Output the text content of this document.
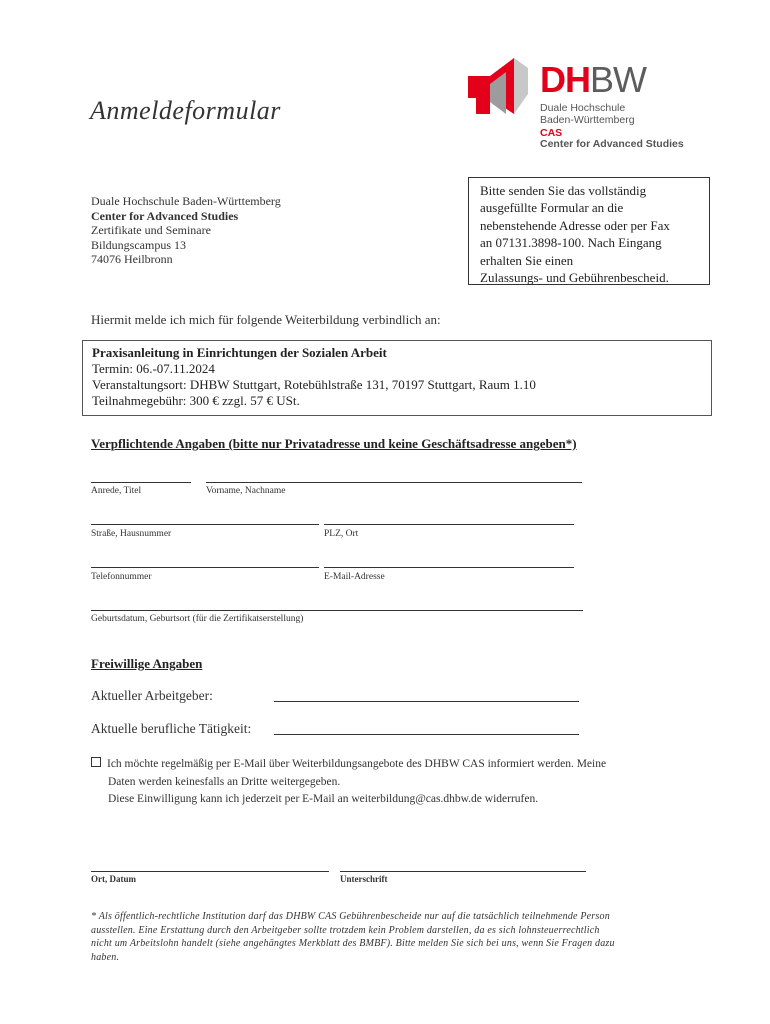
Anmeldeformular
DHBW
Duale Hochschule
Baden-Württemberg
CAS
Center for Advanced Studies
Duale Hochschule Baden-Württemberg
Center for Advanced Studies
Zertifikate und Seminare
Bildungscampus 13
74076 Heilbronn
Bitte senden Sie das vollständig
ausgefüllte Formular an die
nebenstehende Adresse oder per Fax
an 07131.3898-100. Nach Eingang
erhalten Sie einen
Zulassungs- und Gebührenbescheid.
Hiermit melde ich mich für folgende Weiterbildung verbindlich an:
Praxisanleitung in Einrichtungen der Sozialen Arbeit
Termin: 06.-07.11.2024
Veranstaltungsort: DHBW Stuttgart, Rotebühlstraße 131, 70197 Stuttgart, Raum 1.10
Teilnahmegebühr: 300 € zzgl. 57 € USt.
Verpflichtende Angaben (bitte nur Privatadresse und keine Geschäftsadresse angeben*)
Anrede, Titel	Vorname, Nachname
Straße, Hausnummer	PLZ, Ort
Telefonnummer	E-Mail-Adresse
Geburtsdatum, Geburtsort (für die Zertifikatserstellung)
Freiwillige Angaben
Aktueller Arbeitgeber:
Aktuelle berufliche Tätigkeit:
Ich möchte regelmäßig per E-Mail über Weiterbildungsangebote des DHBW CAS informiert werden. Meine
Daten werden keinesfalls an Dritte weitergegeben.
Diese Einwilligung kann ich jederzeit per E-Mail an weiterbildung@cas.dhbw.de widerrufen.
Ort, Datum	Unterschrift
* Als öffentlich-rechtliche Institution darf das DHBW CAS Gebührenbescheide nur auf die tatsächlich teilnehmende Person
ausstellen. Eine Erstattung durch den Arbeitgeber sollte trotzdem kein Problem darstellen, da es sich lohnsteuerrechtlich
nicht um Arbeitslohn handelt (siehe angehängtes Merkblatt des BMBF). Bitte melden Sie sich bei uns, wenn Sie Fragen dazu
haben.
